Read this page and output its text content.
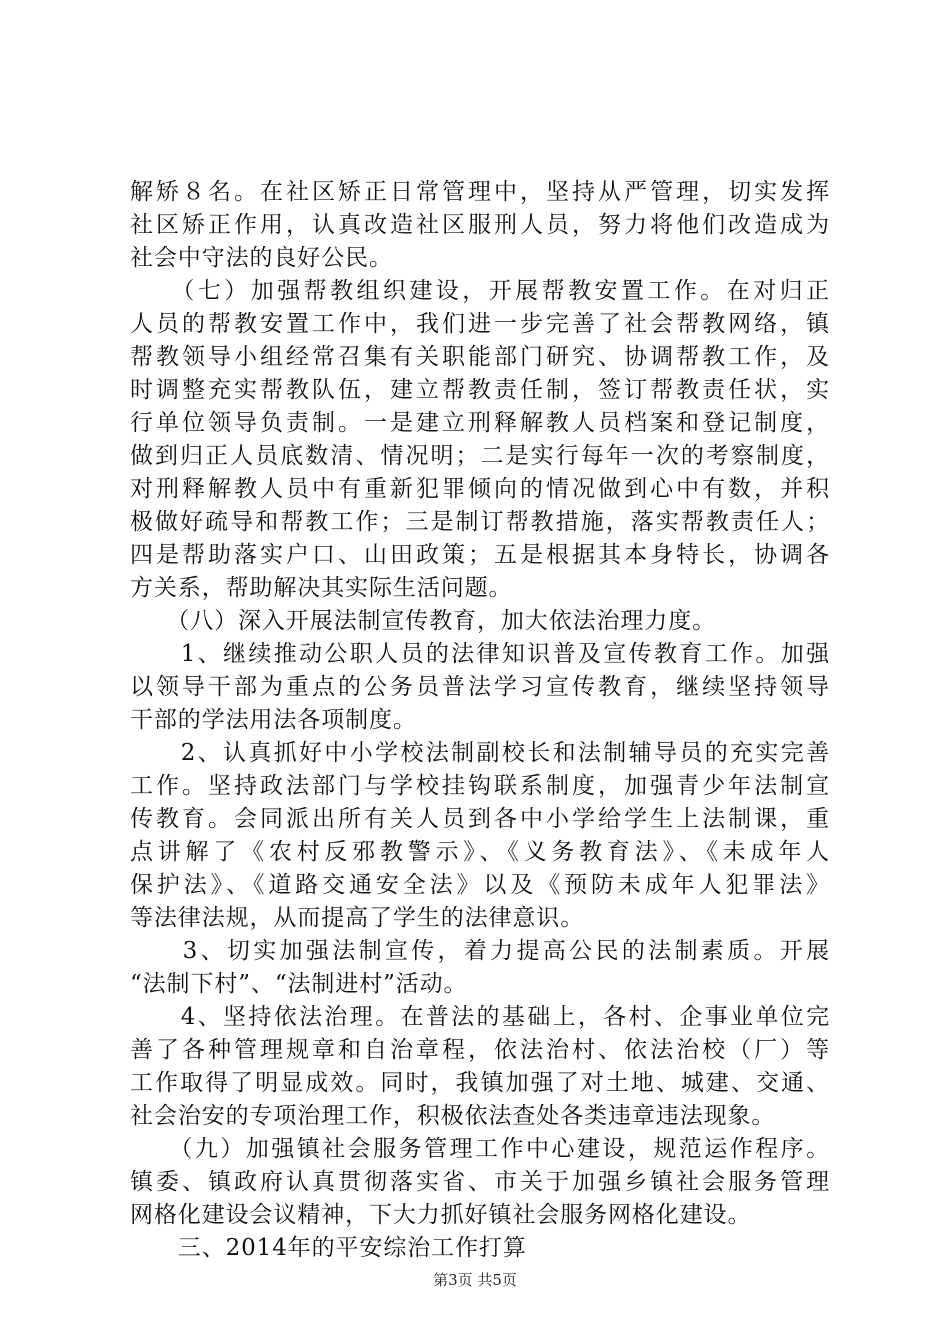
解矫８名。在社区矫正日常管理中，坚持从严管理，切实发挥
社区矫正作用，认真改造社区服刑人员，努力将他们改造成为
社会中守法的良好公民。
　　（七）加强帮教组织建设，开展帮教安置工作。在对归正
人员的帮教安置工作中，我们进一步完善了社会帮教网络，镇
帮教领导小组经常召集有关职能部门研究、协调帮教工作，及
时调整充实帮教队伍，建立帮教责任制，签订帮教责任状，实
行单位领导负责制。一是建立刑释解教人员档案和登记制度，
做到归正人员底数清、情况明；二是实行每年一次的考察制度，
对刑释解教人员中有重新犯罪倾向的情况做到心中有数，并积
极做好疏导和帮教工作；三是制订帮教措施，落实帮教责任人；
四是帮助落实户口、山田政策；五是根据其本身特长，协调各
方关系，帮助解决其实际生活问题。
　　（八）深入开展法制宣传教育，加大依法治理力度。
　　1、继续推动公职人员的法律知识普及宣传教育工作。加强
以领导干部为重点的公务员普法学习宣传教育，继续坚持领导
干部的学法用法各项制度。
　　2、认真抓好中小学校法制副校长和法制辅导员的充实完善
工作。坚持政法部门与学校挂钩联系制度，加强青少年法制宣
传教育。会同派出所有关人员到各中小学给学生上法制课，重
点讲解了《农村反邪教警示》、《义务教育法》、《未成年人
保护法》、《道路交通安全法》以及《预防未成年人犯罪法》
等法律法规，从而提高了学生的法律意识。
　　3、切实加强法制宣传，着力提高公民的法制素质。开展
“法制下村”、“法制进村”活动。
　　4、坚持依法治理。在普法的基础上，各村、企事业单位完
善了各种管理规章和自治章程，依法治村、依法治校（厂）等
工作取得了明显成效。同时，我镇加强了对土地、城建、交通、
社会治安的专项治理工作，积极依法查处各类违章违法现象。
　　（九）加强镇社会服务管理工作中心建设，规范运作程序。
镇委、镇政府认真贯彻落实省、市关于加强乡镇社会服务管理
网格化建设会议精神，下大力抓好镇社会服务网格化建设。
　　三、2014年的平安综治工作打算
第3页 共5页
